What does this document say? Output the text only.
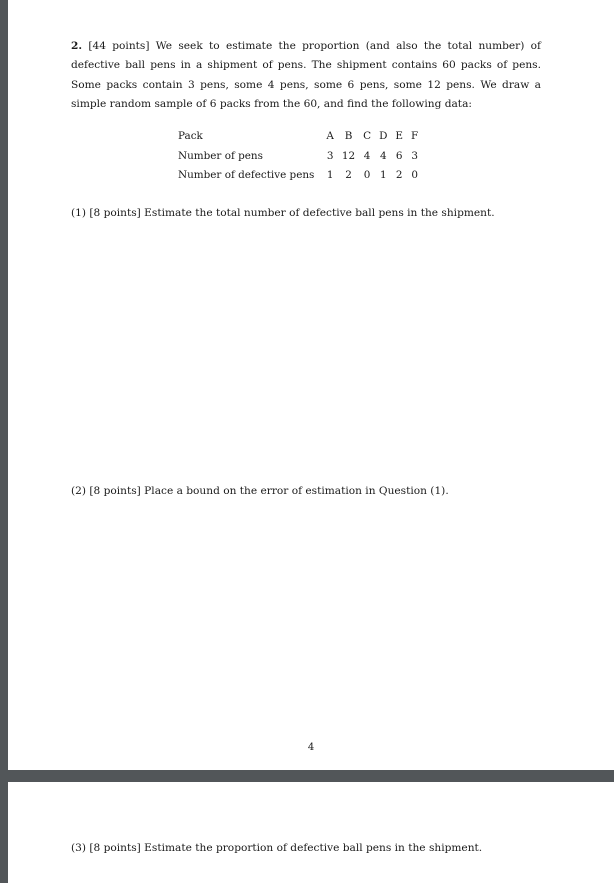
2. [44 points] We seek to estimate the proportion (and also the total number) of defective ball pens in a shipment of pens. The shipment contains 60 packs of pens. Some packs contain 3 pens, some 4 pens, some 6 pens, some 12 pens. We draw a simple random sample of 6 packs from the 60, and find the following data:

Pack	A	B	C	D	E	F
Number of pens	3	12	4	4	6	3
Number of defective pens	1	2	0	1	2	0

(1) [8 points] Estimate the total number of defective ball pens in the shipment.

(2) [8 points] Place a bound on the error of estimation in Question (1).

4

(3) [8 points] Estimate the proportion of defective ball pens in the shipment.
